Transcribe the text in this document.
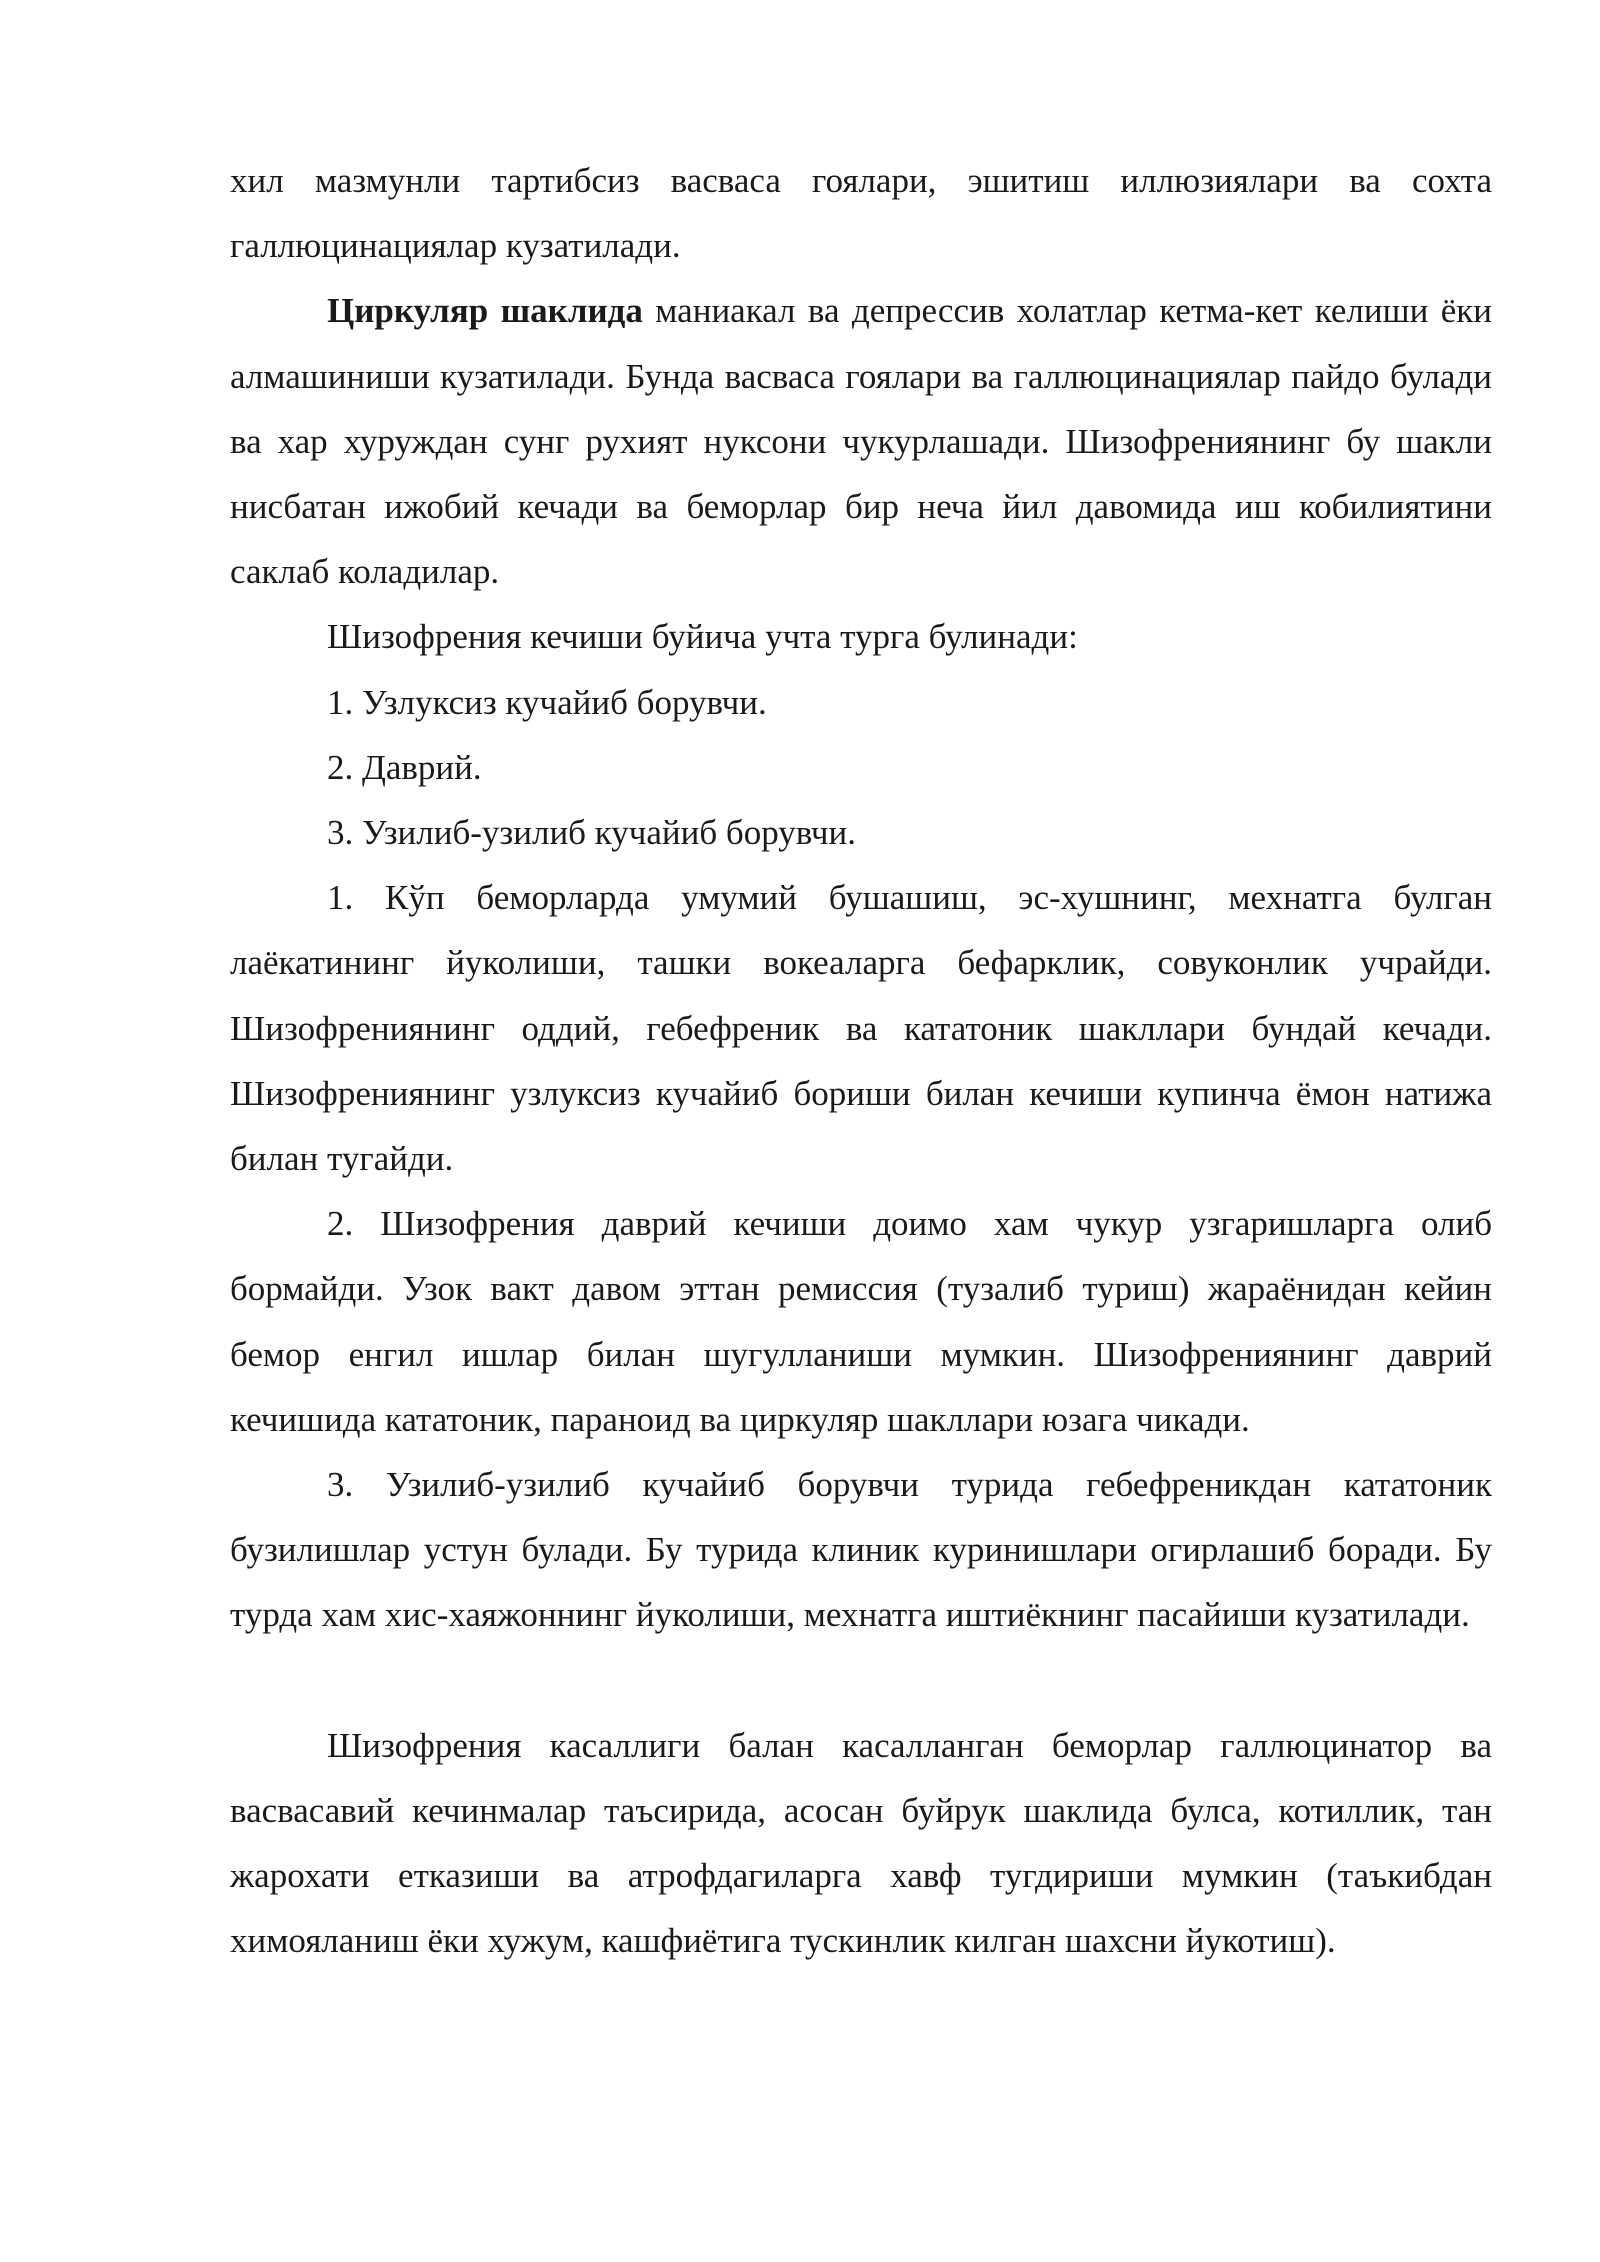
хил мазмунли тартибсиз васваса гоялари, эшитиш иллюзиялари ва сохта галлюцинациялар кузатилади.

Циркуляр шаклида маниакал ва депрессив холатлар кетма-кет келиши ёки алмашиниши кузатилади. Бунда васваса гоялари ва галлюцинациялар пайдо булади ва хар хуруждан сунг рухият нуксони чукурлашади. Шизофрениянинг бу шакли нисбатан ижобий кечади ва беморлар бир неча йил давомида иш кобилиятини саклаб коладилар.

Шизофрения кечиши буйича учта турга булинади:

1. Узлуксиз кучайиб борувчи.

2. Даврий.

3. Узилиб-узилиб кучайиб борувчи.

1. Кўп беморларда умумий бушашиш, эс-хушнинг, мехнатга булган лаёкатининг йуколиши, ташки вокеаларга бефарклик, совуконлик учрайди. Шизофрениянинг оддий, гебефреник ва кататоник шакллари бундай кечади. Шизофрениянинг узлуксиз кучайиб бориши билан кечиши купинча ёмон натижа билан тугайди.

2. Шизофрения даврий кечиши доимо хам чукур узгаришларга олиб бормайди. Узок вакт давом эттан ремиссия (тузалиб туриш) жараёнидан кейин бемор енгил ишлар билан шугулланиши мумкин. Шизофрениянинг даврий кечишида кататоник, параноид ва циркуляр шакллари юзага чикади.

3. Узилиб-узилиб кучайиб борувчи турида гебефреникдан кататоник бузилишлар устун булади. Бу турида клиник куринишлари огирлашиб боради. Бу турда хам хис-хаяжоннинг йуколиши, мехнатга иштиёкнинг пасайиши кузатилади.

Шизофрения касаллиги балан касалланган беморлар галлюцинатор ва васвасавий кечинмалар таъсирида, асосан буйрук шаклида булса, котиллик, тан жарохати етказиши ва атрофдагиларга хавф тугдириши мумкин (таъкибдан химояланиш ёки хужум, кашфиётига тускинлик килган шахсни йукотиш).
